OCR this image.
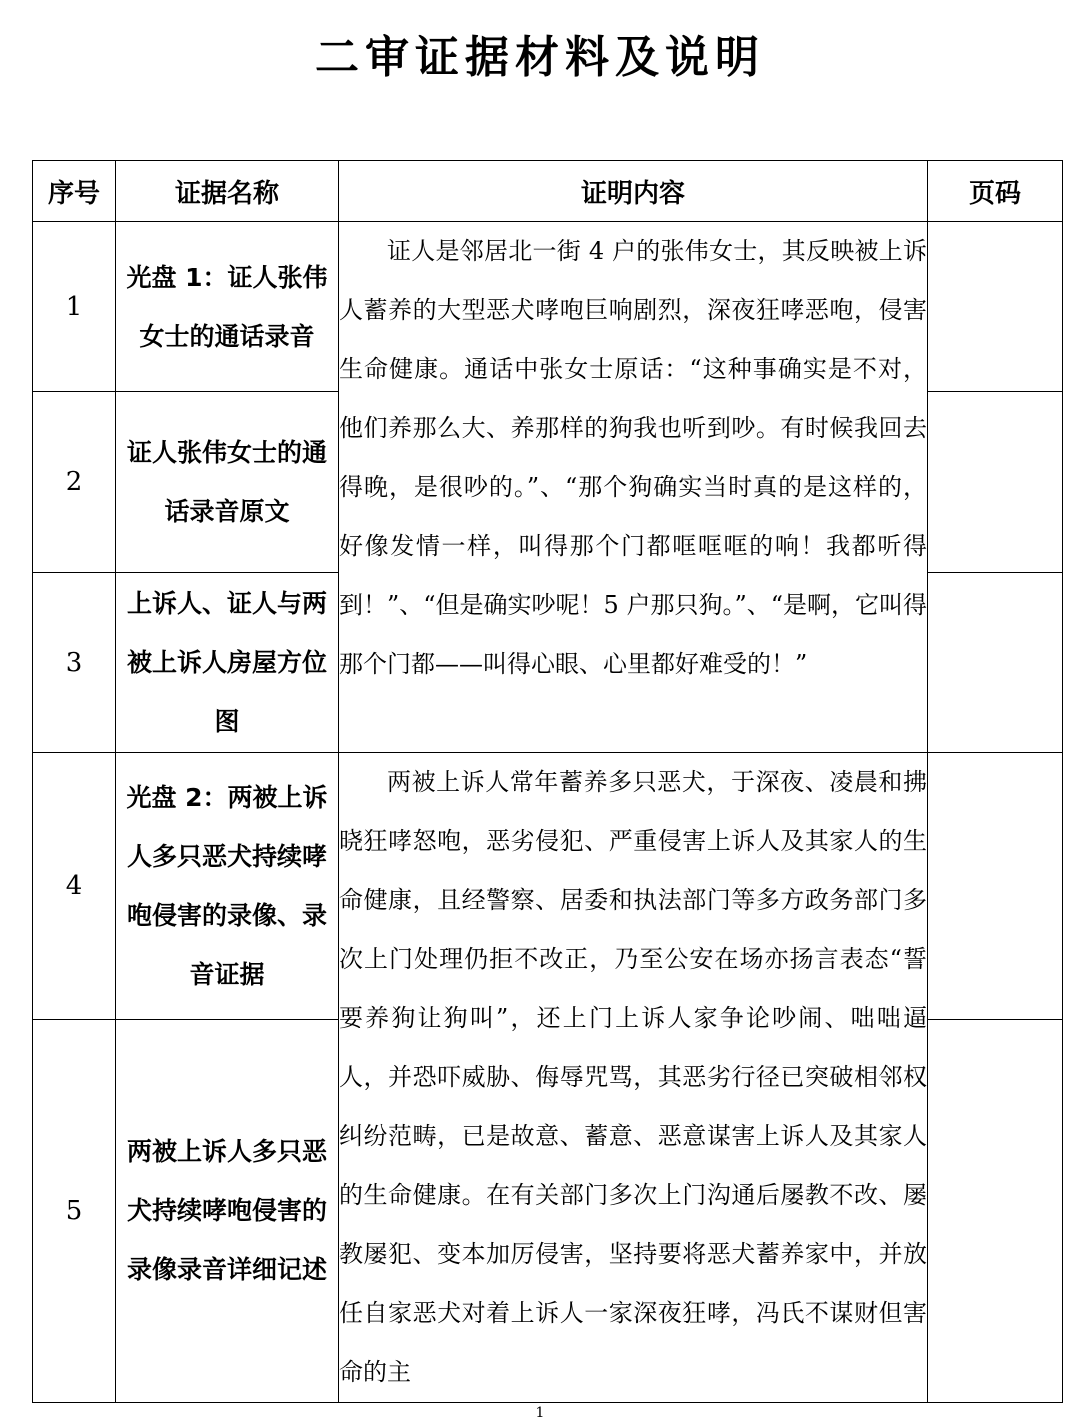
二审证据材料及说明
序号	证据名称	证明内容	页码
1	光盘 1：证人张伟女士的通话录音	证人是邻居北一街 4 户的张伟女士，其反映被上诉人蓄养的大型恶犬哮咆巨响剧烈，深夜狂哮恶咆，侵害生命健康。通话中张女士原话：“这种事确实是不对，他们养那么大、养那样的狗我也听到吵。有时候我回去得晚，是很吵的。”、“那个狗确实当时真的是这样的，好像发情一样，叫得那个门都哐哐哐的响！我都听得到！”、“但是确实吵呢！5 户那只狗。”、“是啊，它叫得那个门都——叫得心眼、心里都好难受的！”	

2	证人张伟女士的通话录音原文		
3	上诉人、证人与两被上诉人房屋方位图		
4	光盘 2：两被上诉人多只恶犬持续哮咆侵害的录像、录音证据	两被上诉人常年蓄养多只恶犬，于深夜、凌晨和拂晓狂哮怒咆，恶劣侵犯、严重侵害上诉人及其家人的生命健康，且经警察、居委和执法部门等多方政务部门多次上门处理仍拒不改正，乃至公安在场亦扬言表态“誓要养狗让狗叫”，还上门上诉人家争论吵闹、咄咄逼人，并恐吓威胁、侮辱咒骂，其恶劣行径已突破相邻权纠纷范畴，已是故意、蓄意、恶意谋害上诉人及其家人的生命健康。在有关部门多次上门沟通后屡教不改、屡教屡犯、变本加厉侵害，坚持要将恶犬蓄养家中，并放任自家恶犬对着上诉人一家深夜狂哮，冯氏不谋财但害命的主	

5	两被上诉人多只恶犬持续哮咆侵害的录像录音详细记述		
1
